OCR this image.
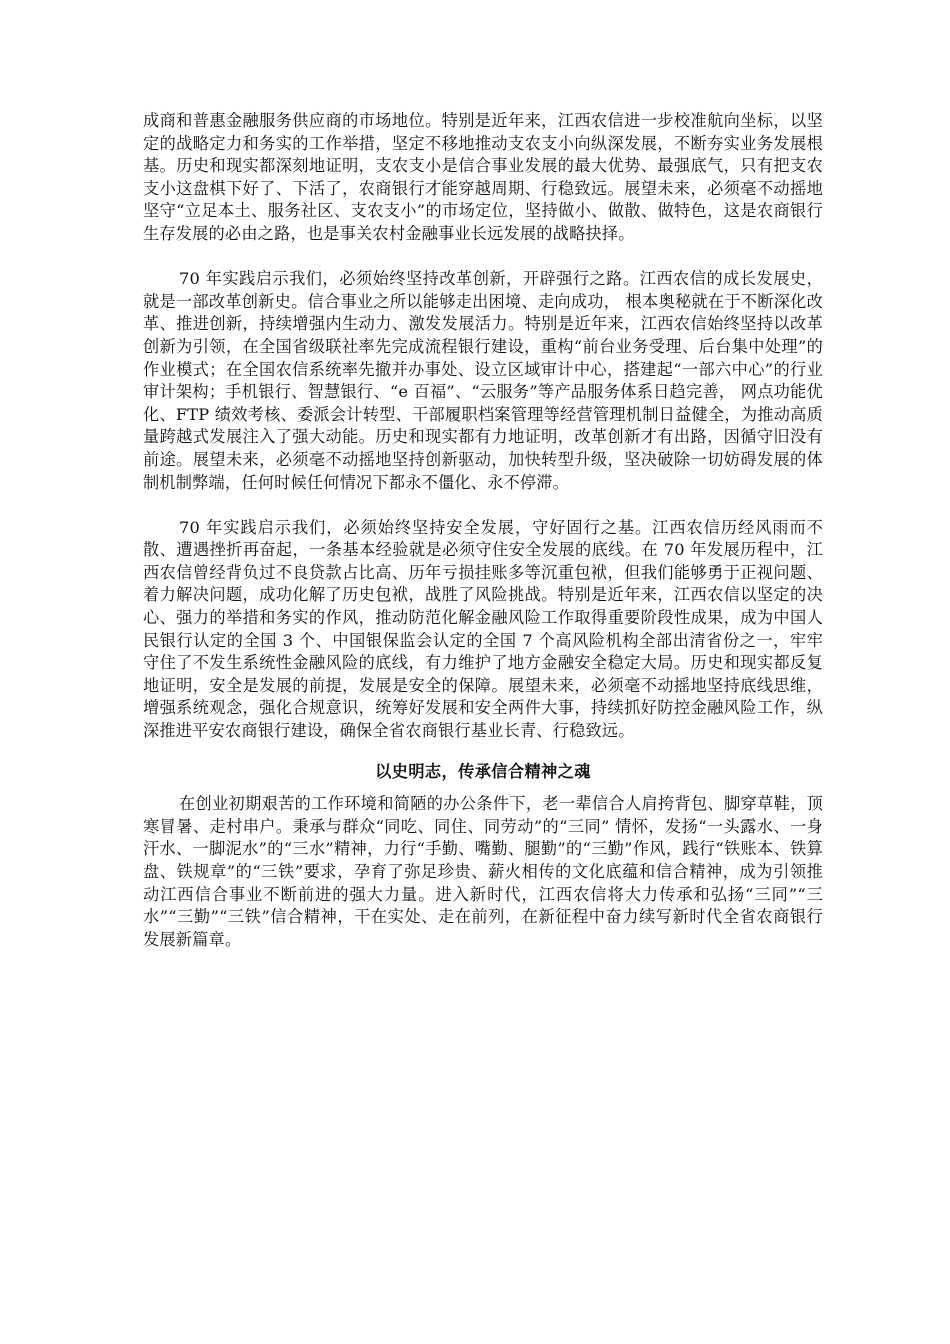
成商和普惠金融服务供应商的市场地位。特别是近年来，江西农信进一步校准航向坐标，以坚定的战略定力和务实的工作举措，坚定不移地推动支农支小向纵深发展，不断夯实业务发展根基。历史和现实都深刻地证明，支农支小是信合事业发展的最大优势、最强底气，只有把支农支小这盘棋下好了、下活了，农商银行才能穿越周期、行稳致远。展望未来，必须毫不动摇地坚守“立足本土、服务社区、支农支小”的市场定位，坚持做小、做散、做特色，这是农商银行生存发展的必由之路，也是事关农村金融事业长远发展的战略抉择。

70 年实践启示我们，必须始终坚持改革创新，开辟强行之路。江西农信的成长发展史，就是一部改革创新史。信合事业之所以能够走出困境、走向成功， 根本奥秘就在于不断深化改革、推进创新，持续增强内生动力、激发发展活力。特别是近年来，江西农信始终坚持以改革创新为引领，在全国省级联社率先完成流程银行建设，重构“前台业务受理、后台集中处理”的作业模式；在全国农信系统率先撤并办事处、设立区域审计中心，搭建起“一部六中心”的行业审计架构；手机银行、智慧银行、“e 百福”、“云服务”等产品服务体系日趋完善， 网点功能优化、FTP 绩效考核、委派会计转型、干部履职档案管理等经营管理机制日益健全，为推动高质量跨越式发展注入了强大动能。历史和现实都有力地证明，改革创新才有出路，因循守旧没有前途。展望未来，必须毫不动摇地坚持创新驱动，加快转型升级，坚决破除一切妨碍发展的体制机制弊端，任何时候任何情况下都永不僵化、永不停滞。

70 年实践启示我们，必须始终坚持安全发展，守好固行之基。江西农信历经风雨而不散、遭遇挫折再奋起，一条基本经验就是必须守住安全发展的底线。在 70 年发展历程中，江西农信曾经背负过不良贷款占比高、历年亏损挂账多等沉重包袱，但我们能够勇于正视问题、着力解决问题，成功化解了历史包袱，战胜了风险挑战。特别是近年来，江西农信以坚定的决心、强力的举措和务实的作风，推动防范化解金融风险工作取得重要阶段性成果，成为中国人民银行认定的全国 3 个、中国银保监会认定的全国 7 个高风险机构全部出清省份之一，牢牢守住了不发生系统性金融风险的底线，有力维护了地方金融安全稳定大局。历史和现实都反复地证明，安全是发展的前提，发展是安全的保障。展望未来，必须毫不动摇地坚持底线思维，增强系统观念，强化合规意识，统筹好发展和安全两件大事，持续抓好防控金融风险工作，纵深推进平安农商银行建设，确保全省农商银行基业长青、行稳致远。

以史明志，传承信合精神之魂

在创业初期艰苦的工作环境和简陋的办公条件下，老一辈信合人肩挎背包、脚穿草鞋，顶寒冒暑、走村串户。秉承与群众“同吃、同住、同劳动”的“三同” 情怀，发扬“一头露水、一身汗水、一脚泥水”的“三水”精神，力行“手勤、嘴勤、腿勤”的“三勤”作风，践行“铁账本、铁算盘、铁规章”的“三铁”要求，孕育了弥足珍贵、薪火相传的文化底蕴和信合精神，成为引领推动江西信合事业不断前进的强大力量。进入新时代，江西农信将大力传承和弘扬“三同”“三水”“三勤”“三铁”信合精神，干在实处、走在前列，在新征程中奋力续写新时代全省农商银行发展新篇章。
